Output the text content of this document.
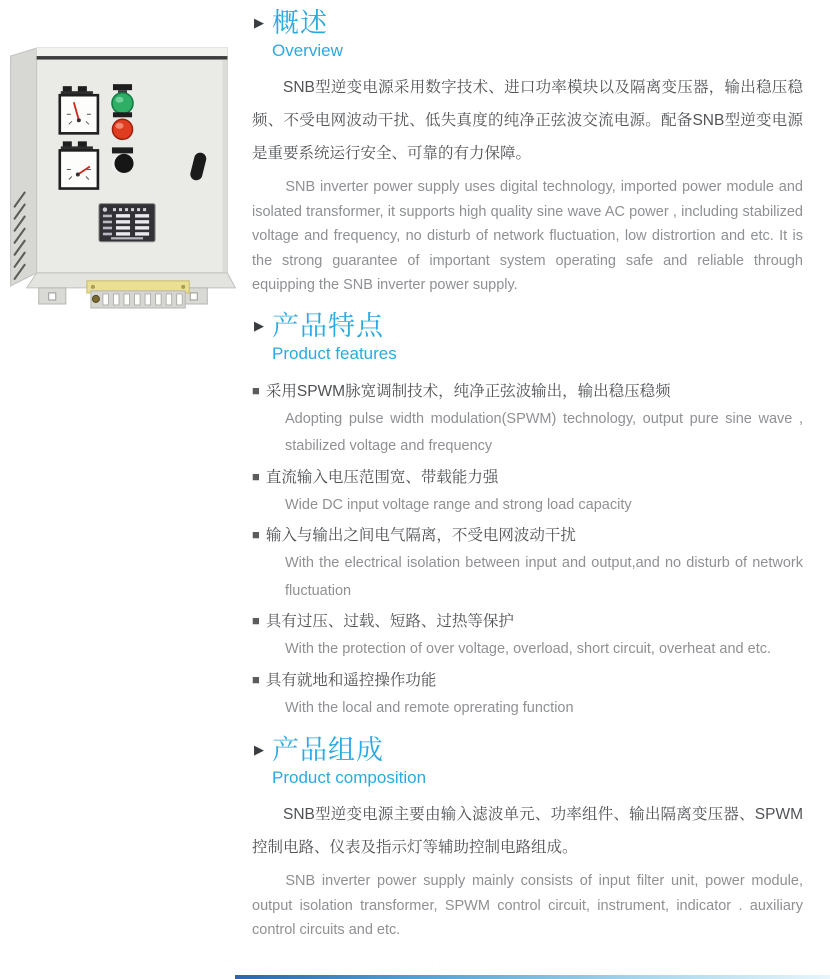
▶ 概述
Overview

SNB型逆变电源采用数字技术、进口功率模块以及隔离变压器，输出稳压稳频、不受电网波动干扰、低失真度的纯净正弦波交流电源。配备SNB型逆变电源是重要系统运行安全、可靠的有力保障。

SNB inverter power supply uses digital technology, imported power module and isolated transformer, it supports high quality sine wave AC power , including stabilized voltage and frequency, no disturb of network fluctuation, low distrortion and etc. It is the strong guarantee of important system operating safe and reliable through equipping the SNB inverter power supply.

▶ 产品特点
Product features
■ 采用SPWM脉宽调制技术，纯净正弦波输出，输出稳压稳频

Adopting pulse width modulation(SPWM) technology, output pure sine wave , stabilized voltage and frequency

■ 直流输入电压范围宽、带载能力强

Wide DC input voltage range and strong load capacity

■ 输入与输出之间电气隔离，不受电网波动干扰

With the electrical isolation between input and output,and no disturb of network fluctuation

■ 具有过压、过载、短路、过热等保护

With the protection of over voltage, overload, short circuit, overheat and etc.

■ 具有就地和遥控操作功能

With the local and remote oprerating function

▶ 产品组成
Product composition

SNB型逆变电源主要由输入滤波单元、功率组件、输出隔离变压器、SPWM控制电路、仪表及指示灯等辅助控制电路组成。

SNB inverter power supply mainly consists of input filter unit, power module, output isolation transformer, SPWM control circuit, instrument, indicator . auxiliary control circuits and etc.
